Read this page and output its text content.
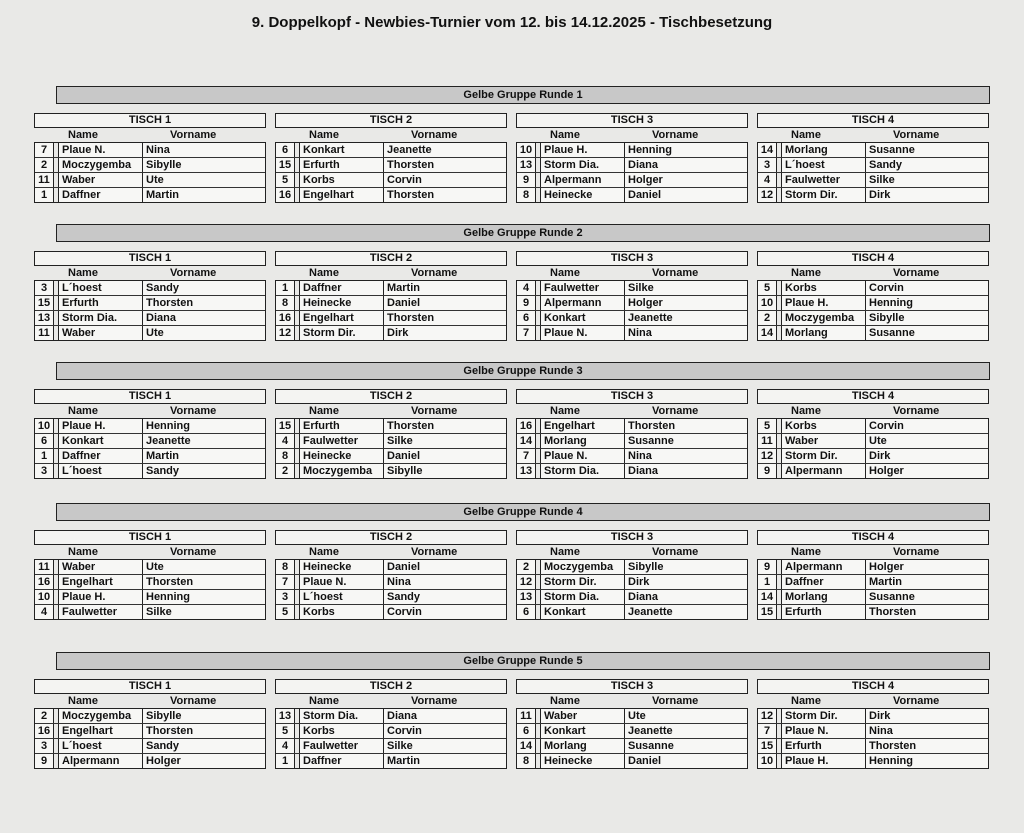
9. Doppelkopf - Newbies-Turnier vom 12. bis 14.12.2025 - Tischbesetzung
Gelbe Gruppe Runde 1
TISCH 1
Name	Vorname
7	Plaue N.	Nina
2	Moczygemba	Sibylle
11	Waber	Ute
1	Daffner	Martin
TISCH 2
Name	Vorname
6	Konkart	Jeanette
15	Erfurth	Thorsten
5	Korbs	Corvin
16	Engelhart	Thorsten
TISCH 3
Name	Vorname
10	Plaue H.	Henning
13	Storm Dia.	Diana
9	Alpermann	Holger
8	Heinecke	Daniel
TISCH 4
Name	Vorname
14	Morlang	Susanne
3	L´hoest	Sandy
4	Faulwetter	Silke
12	Storm Dir.	Dirk
Gelbe Gruppe Runde 2
TISCH 1
Name	Vorname
3	L´hoest	Sandy
15	Erfurth	Thorsten
13	Storm Dia.	Diana
11	Waber	Ute
TISCH 2
Name	Vorname
1	Daffner	Martin
8	Heinecke	Daniel
16	Engelhart	Thorsten
12	Storm Dir.	Dirk
TISCH 3
Name	Vorname
4	Faulwetter	Silke
9	Alpermann	Holger
6	Konkart	Jeanette
7	Plaue N.	Nina
TISCH 4
Name	Vorname
5	Korbs	Corvin
10	Plaue H.	Henning
2	Moczygemba	Sibylle
14	Morlang	Susanne
Gelbe Gruppe Runde 3
TISCH 1
Name	Vorname
10	Plaue H.	Henning
6	Konkart	Jeanette
1	Daffner	Martin
3	L´hoest	Sandy
TISCH 2
Name	Vorname
15	Erfurth	Thorsten
4	Faulwetter	Silke
8	Heinecke	Daniel
2	Moczygemba	Sibylle
TISCH 3
Name	Vorname
16	Engelhart	Thorsten
14	Morlang	Susanne
7	Plaue N.	Nina
13	Storm Dia.	Diana
TISCH 4
Name	Vorname
5	Korbs	Corvin
11	Waber	Ute
12	Storm Dir.	Dirk
9	Alpermann	Holger
Gelbe Gruppe Runde 4
TISCH 1
Name	Vorname
11	Waber	Ute
16	Engelhart	Thorsten
10	Plaue H.	Henning
4	Faulwetter	Silke
TISCH 2
Name	Vorname
8	Heinecke	Daniel
7	Plaue N.	Nina
3	L´hoest	Sandy
5	Korbs	Corvin
TISCH 3
Name	Vorname
2	Moczygemba	Sibylle
12	Storm Dir.	Dirk
13	Storm Dia.	Diana
6	Konkart	Jeanette
TISCH 4
Name	Vorname
9	Alpermann	Holger
1	Daffner	Martin
14	Morlang	Susanne
15	Erfurth	Thorsten
Gelbe Gruppe Runde 5
TISCH 1
Name	Vorname
2	Moczygemba	Sibylle
16	Engelhart	Thorsten
3	L´hoest	Sandy
9	Alpermann	Holger
TISCH 2
Name	Vorname
13	Storm Dia.	Diana
5	Korbs	Corvin
4	Faulwetter	Silke
1	Daffner	Martin
TISCH 3
Name	Vorname
11	Waber	Ute
6	Konkart	Jeanette
14	Morlang	Susanne
8	Heinecke	Daniel
TISCH 4
Name	Vorname
12	Storm Dir.	Dirk
7	Plaue N.	Nina
15	Erfurth	Thorsten
10	Plaue H.	Henning
